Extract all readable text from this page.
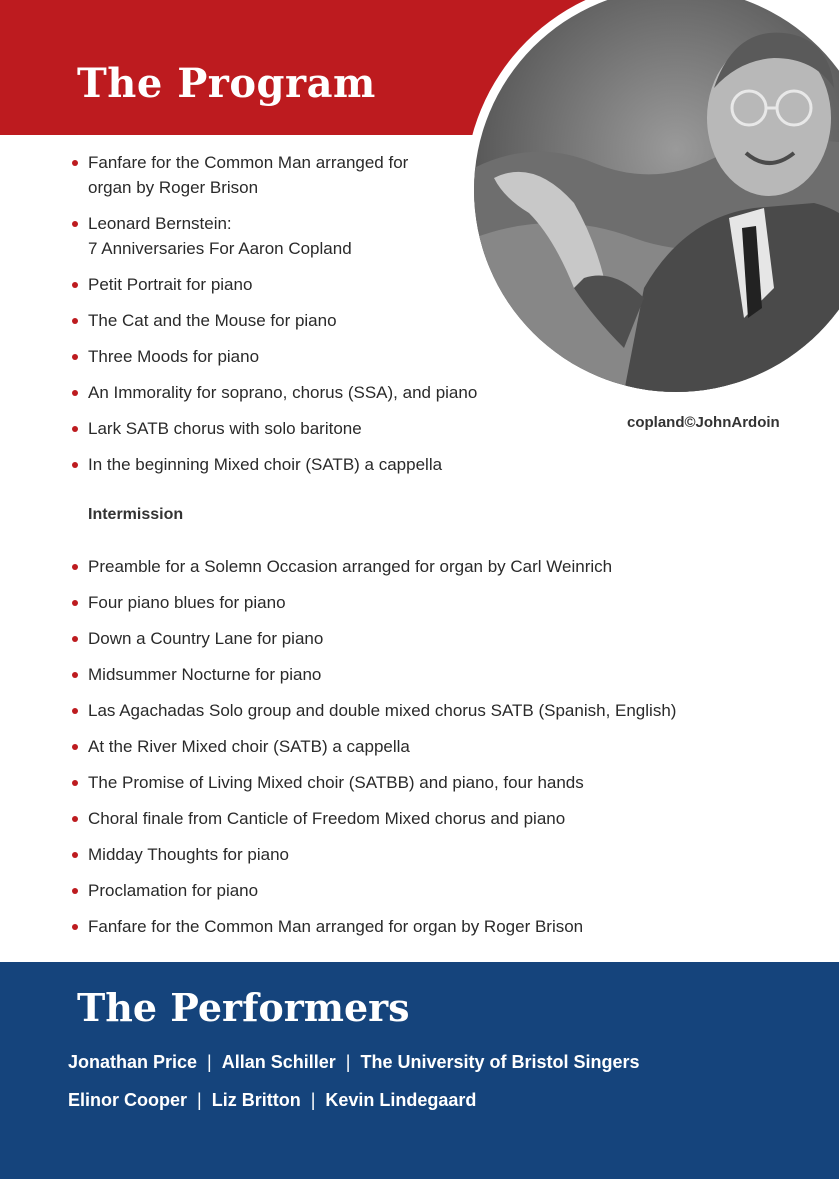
The Program
copland©JohnArdoin
Fanfare for the Common Man arranged for
organ by Roger Brison
Leonard Bernstein:
7 Anniversaries For Aaron Copland
Petit Portrait for piano
The Cat and the Mouse for piano
Three Moods for piano
An Immorality for soprano, chorus (SSA), and piano
Lark SATB chorus with solo baritone
In the beginning Mixed choir (SATB) a cappella
Intermission
Preamble for a Solemn Occasion arranged for organ by Carl Weinrich
Four piano blues for piano
Down a Country Lane for piano
Midsummer Nocturne for piano
Las Agachadas Solo group and double mixed chorus SATB (Spanish, English)
At the River Mixed choir (SATB) a cappella
The Promise of Living Mixed choir (SATBB) and piano, four hands
Choral finale from Canticle of Freedom Mixed chorus and piano
Midday Thoughts for piano
Proclamation for piano
Fanfare for the Common Man arranged for organ by Roger Brison
The Performers
Jonathan Price | Allan Schiller | The University of Bristol Singers
Elinor Cooper | Liz Britton | Kevin Lindegaard
